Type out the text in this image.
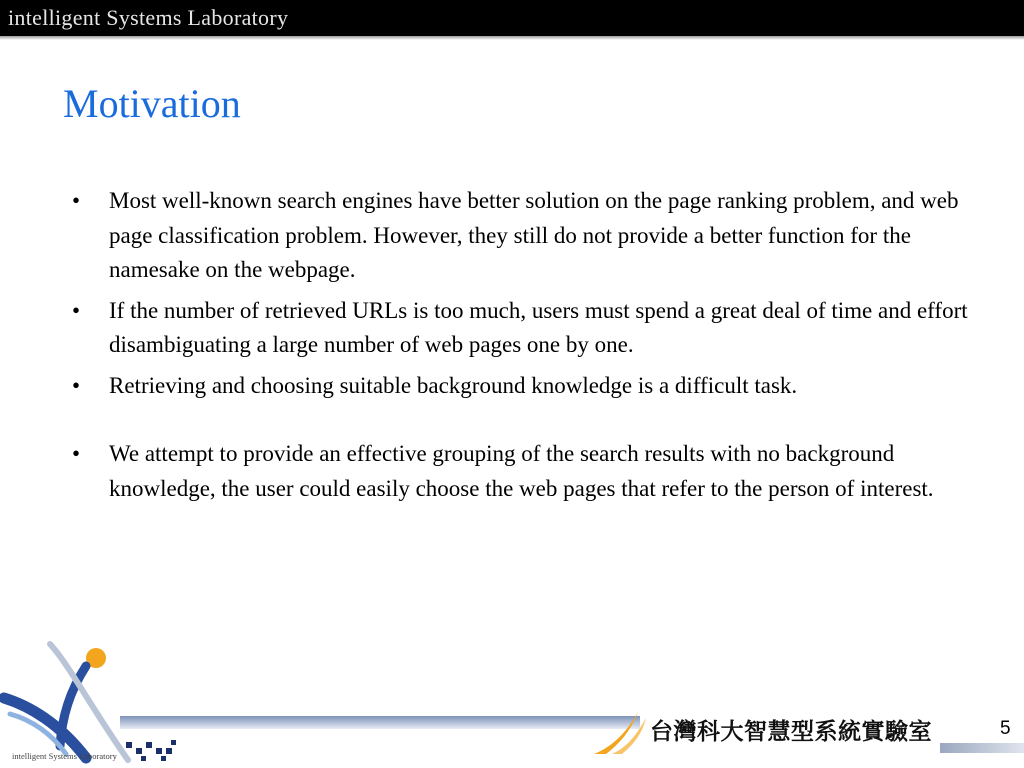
intelligent Systems Laboratory
Motivation
• Most well-known search engines have better solution on the page ranking problem, and web page classification problem. However, they still do not provide a better function for the namesake on the webpage.
• If the number of retrieved URLs is too much, users must spend a great deal of time and effort disambiguating a large number of web pages one by one.
• Retrieving and choosing suitable background knowledge is a difficult task.
• We attempt to provide an effective grouping of the search results with no background knowledge, the user could easily choose the web pages that refer to the person of interest.
intelligent Systems Laboratory
台灣科大智慧型系統實驗室	5
